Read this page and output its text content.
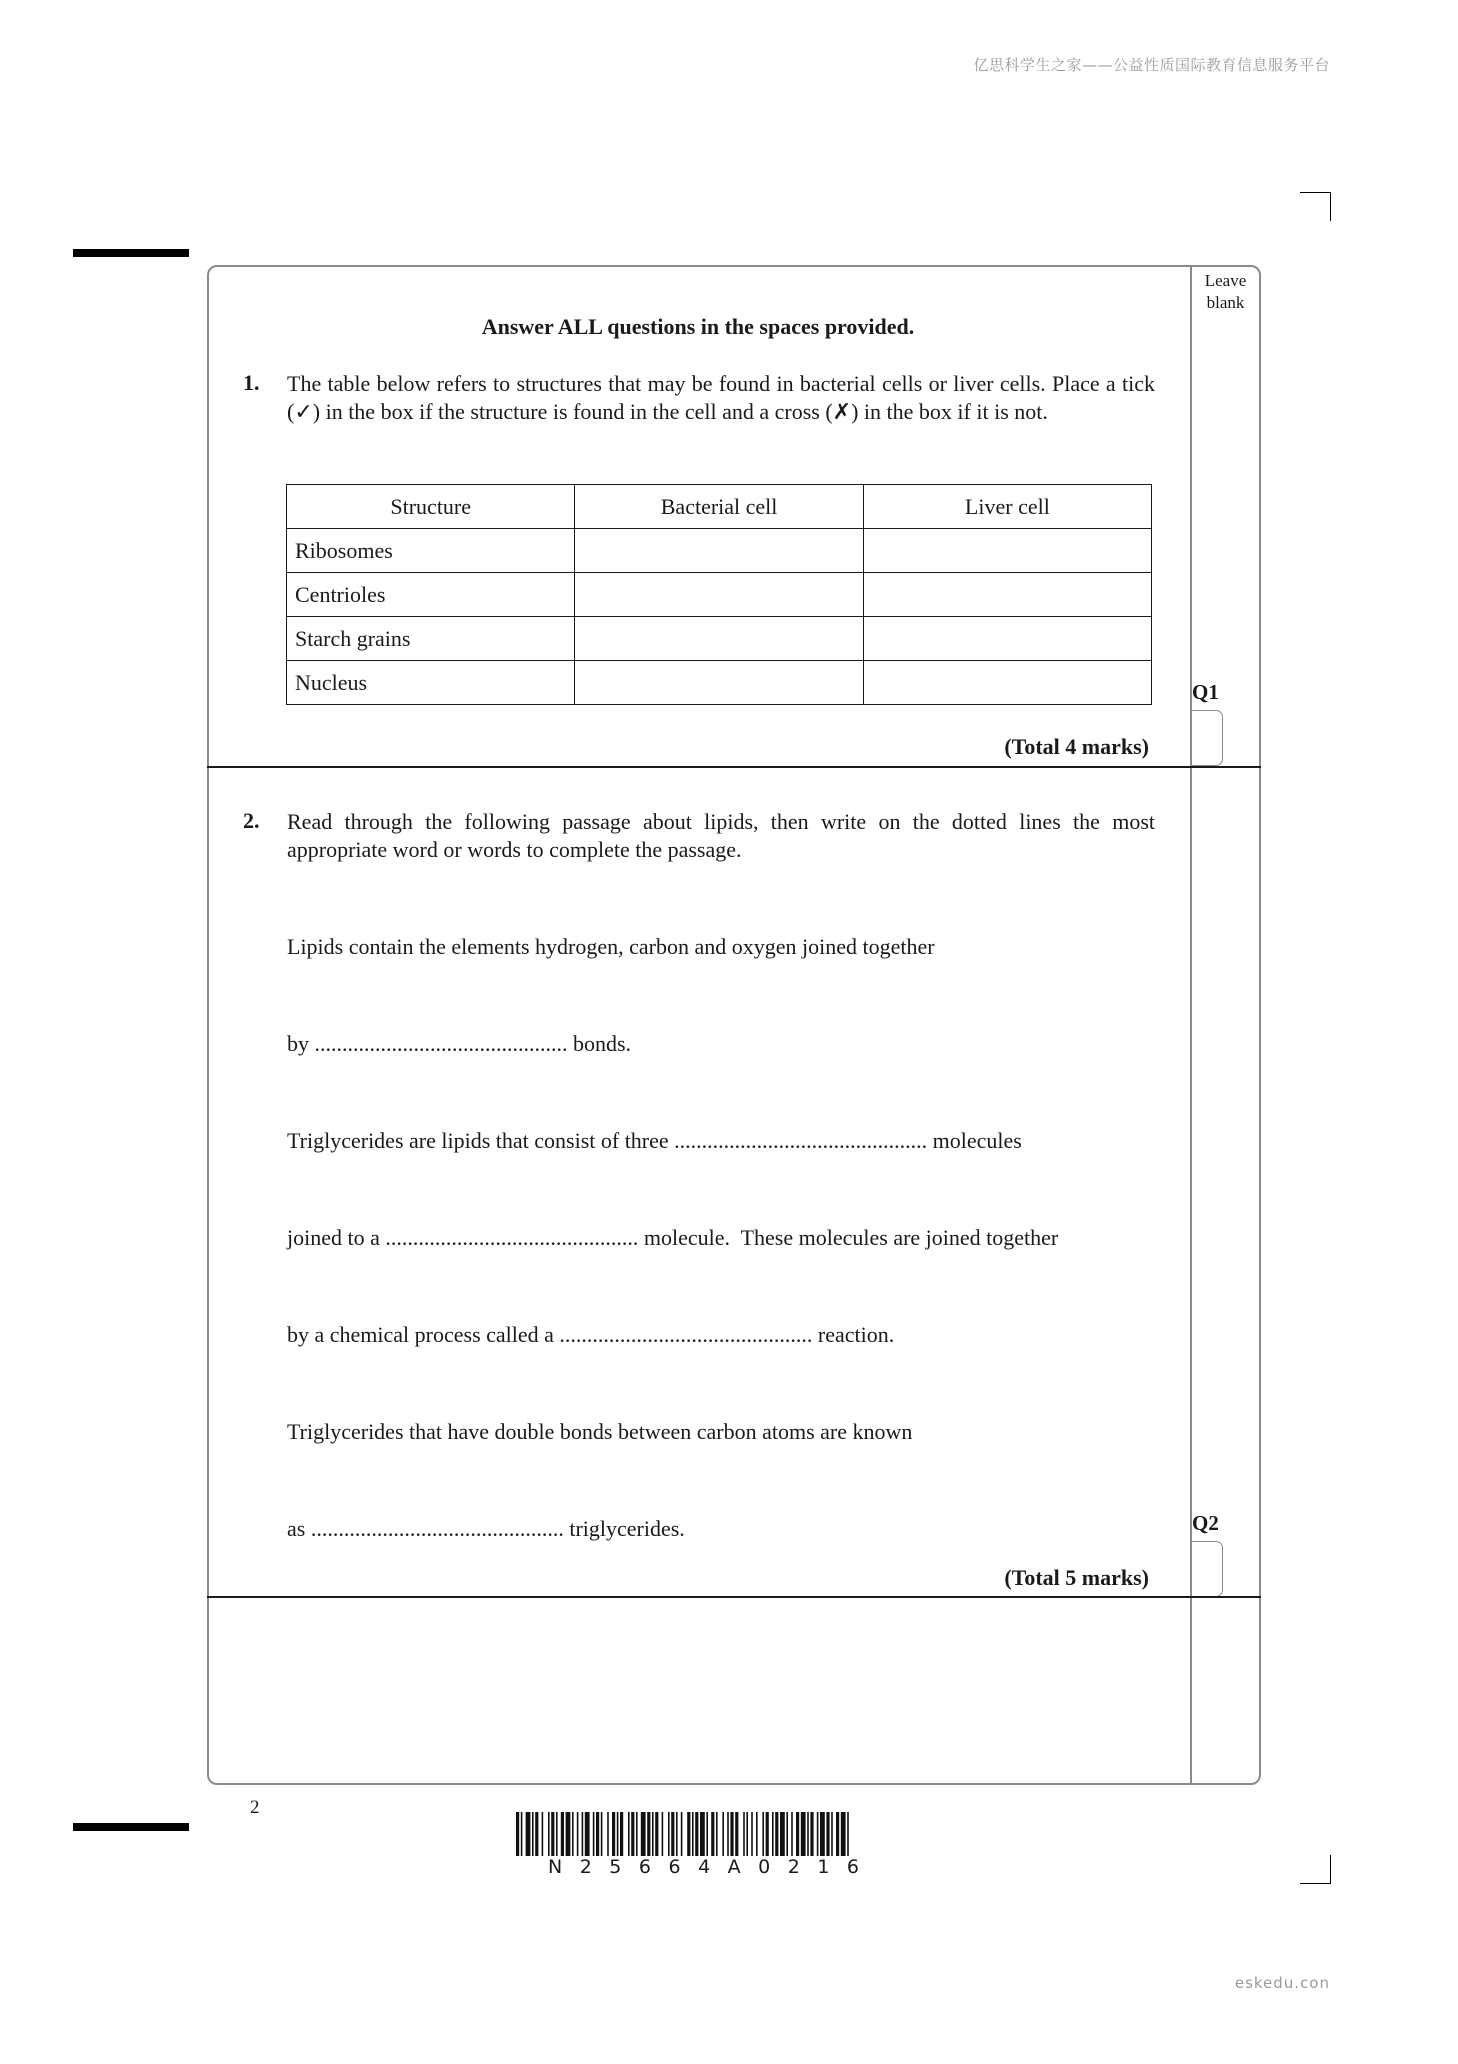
亿思科学生之家——公益性质国际教育信息服务平台
eskedu.con
Leave blank
Answer ALL questions in the spaces provided.
1. The table below refers to structures that may be found in bacterial cells or liver cells. Place a tick (✓) in the box if the structure is found in the cell and a cross (✗) in the box if it is not.
Structure	Bacterial cell	Liver cell
Ribosomes		
Centrioles		
Starch grains		
Nucleus			Q1
(Total 4 marks)
2. Read through the following passage about lipids, then write on the dotted lines the most appropriate word or words to complete the passage.
Lipids contain the elements hydrogen, carbon and oxygen joined together
by .............................................. bonds.
Triglycerides are lipids that consist of three .............................................. molecules
joined to a .............................................. molecule.  These molecules are joined together
by a chemical process called a .............................................. reaction.
Triglycerides that have double bonds between carbon atoms are known
as .............................................. triglycerides.	Q2
(Total 5 marks)
2
N25664A0216
